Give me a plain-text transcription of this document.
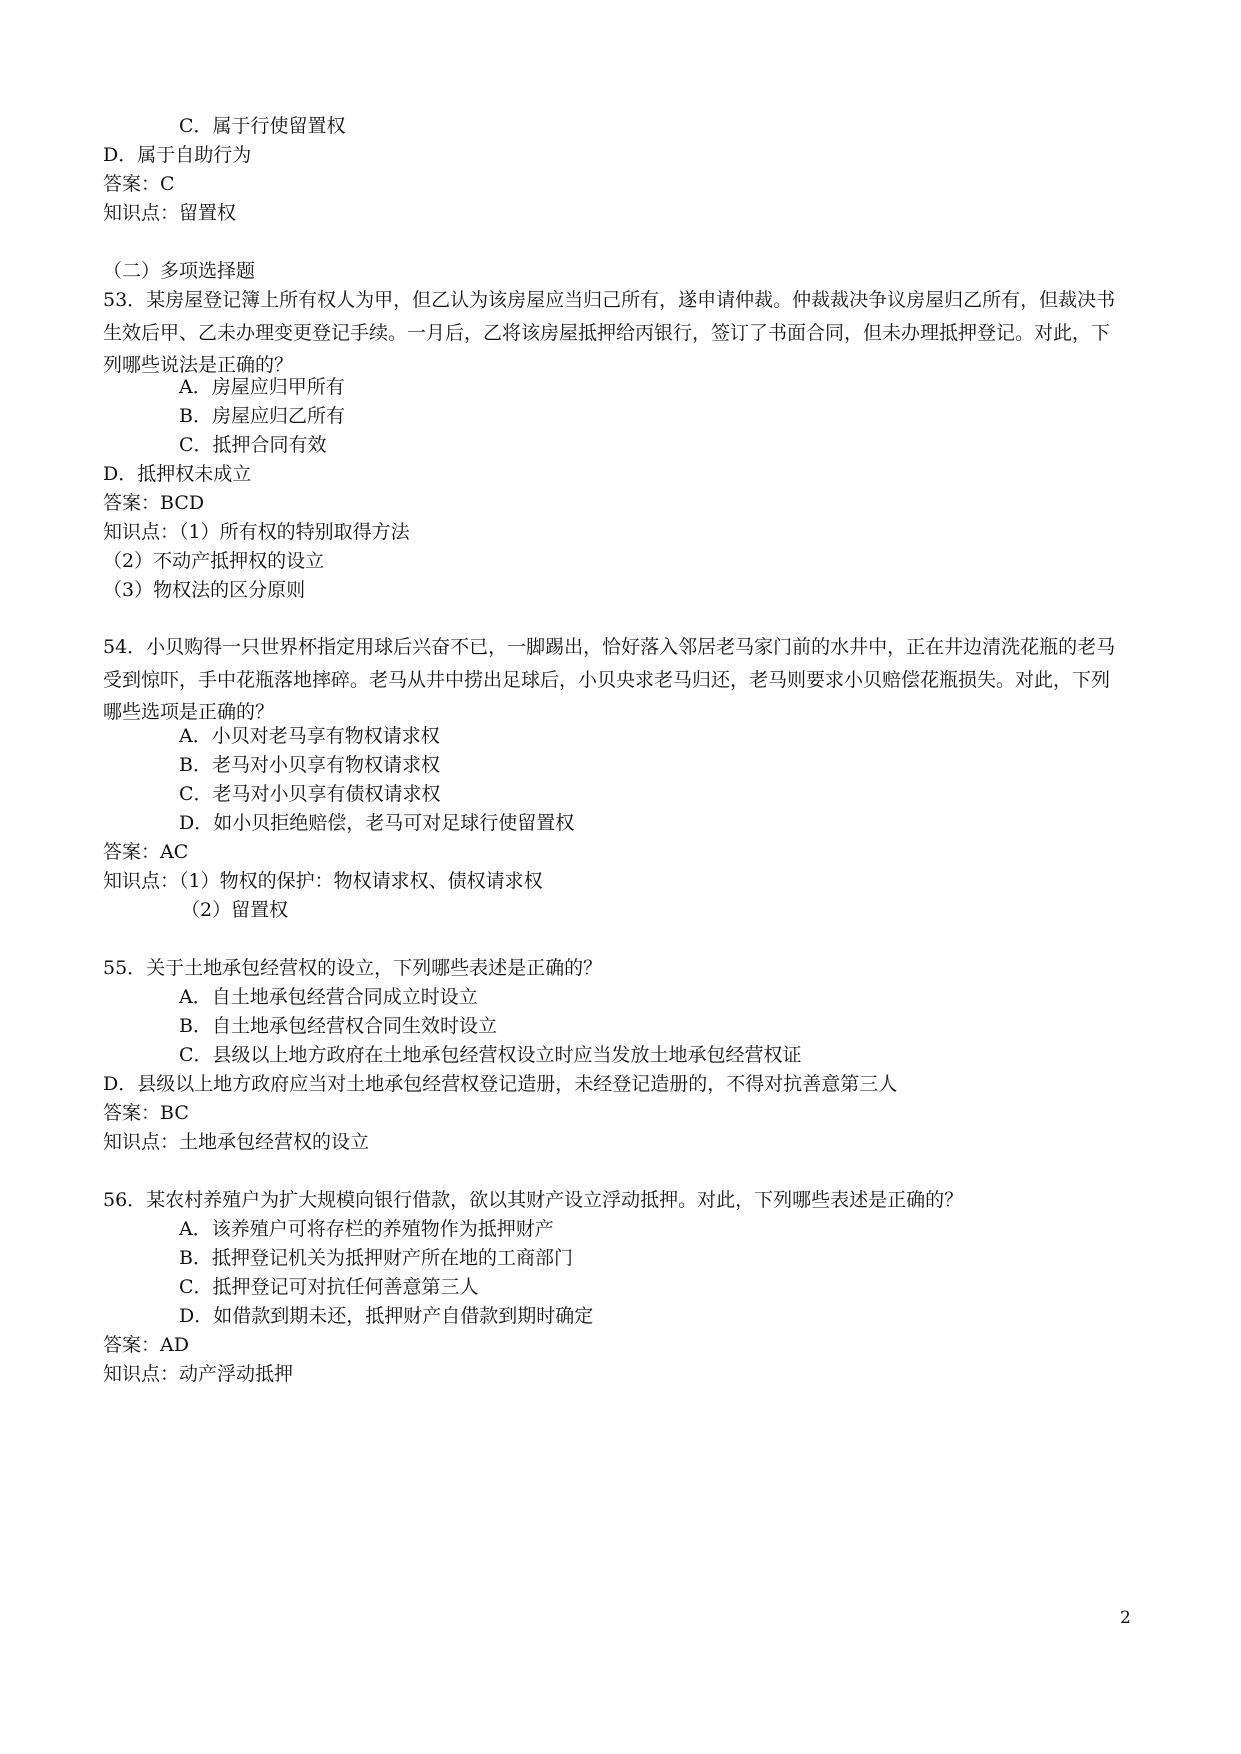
C．属于行使留置权
D．属于自助行为
答案：C
知识点：留置权
（二）多项选择题
53．某房屋登记簿上所有权人为甲，但乙认为该房屋应当归己所有，遂申请仲裁。仲裁裁决争议房屋归乙所有，但裁决书生效后甲、乙未办理变更登记手续。一月后，乙将该房屋抵押给丙银行，签订了书面合同，但未办理抵押登记。对此，下列哪些说法是正确的？
A．房屋应归甲所有
B．房屋应归乙所有
C．抵押合同有效
D．抵押权未成立
答案：BCD
知识点：（1）所有权的特别取得方法
（2）不动产抵押权的设立
（3）物权法的区分原则
54．小贝购得一只世界杯指定用球后兴奋不已，一脚踢出，恰好落入邻居老马家门前的水井中，正在井边清洗花瓶的老马受到惊吓，手中花瓶落地摔碎。老马从井中捞出足球后，小贝央求老马归还，老马则要求小贝赔偿花瓶损失。对此，下列哪些选项是正确的？
A．小贝对老马享有物权请求权
B．老马对小贝享有物权请求权
C．老马对小贝享有债权请求权
D．如小贝拒绝赔偿，老马可对足球行使留置权
答案：AC
知识点：（1）物权的保护：物权请求权、债权请求权
（2）留置权
55．关于土地承包经营权的设立，下列哪些表述是正确的？
A．自土地承包经营合同成立时设立
B．自土地承包经营权合同生效时设立
C．县级以上地方政府在土地承包经营权设立时应当发放土地承包经营权证
D．县级以上地方政府应当对土地承包经营权登记造册，未经登记造册的，不得对抗善意第三人
答案：BC
知识点：土地承包经营权的设立
56．某农村养殖户为扩大规模向银行借款，欲以其财产设立浮动抵押。对此，下列哪些表述是正确的？
A．该养殖户可将存栏的养殖物作为抵押财产
B．抵押登记机关为抵押财产所在地的工商部门
C．抵押登记可对抗任何善意第三人
D．如借款到期未还，抵押财产自借款到期时确定
答案：AD
知识点：动产浮动抵押
2
